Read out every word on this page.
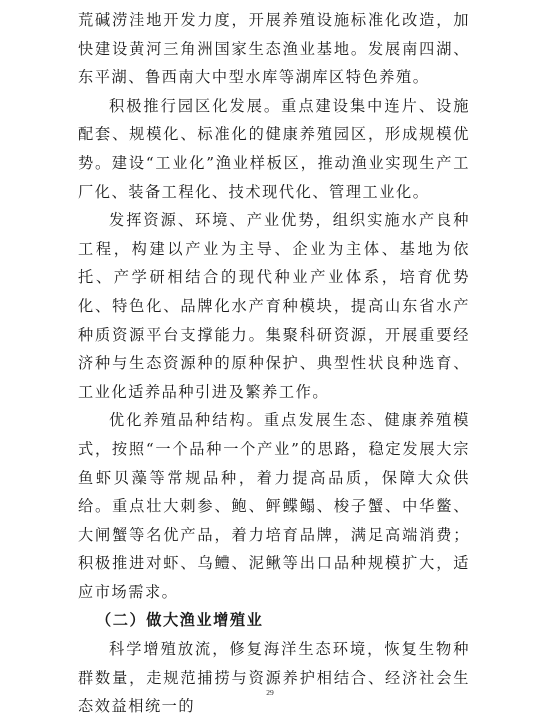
荒碱涝洼地开发力度，开展养殖设施标准化改造，加快建设黄河三角洲国家生态渔业基地。发展南四湖、东平湖、鲁西南大中型水库等湖库区特色养殖。

积极推行园区化发展。重点建设集中连片、设施配套、规模化、标准化的健康养殖园区，形成规模优势。建设“工业化”渔业样板区，推动渔业实现生产工厂化、装备工程化、技术现代化、管理工业化。

发挥资源、环境、产业优势，组织实施水产良种工程，构建以产业为主导、企业为主体、基地为依托、产学研相结合的现代种业产业体系，培育优势化、特色化、品牌化水产育种模块，提高山东省水产种质资源平台支撑能力。集聚科研资源，开展重要经济种与生态资源种的原种保护、典型性状良种选育、工业化适养品种引进及繁养工作。

优化养殖品种结构。重点发展生态、健康养殖模式，按照“一个品种一个产业”的思路，稳定发展大宗鱼虾贝藻等常规品种，着力提高品质，保障大众供给。重点壮大刺参、鲍、鲆鲽鳎、梭子蟹、中华鳖、大闸蟹等名优产品，着力培育品牌，满足高端消费；积极推进对虾、乌鳢、泥鳅等出口品种规模扩大，适应市场需求。

（二）做大渔业增殖业

科学增殖放流，修复海洋生态环境，恢复生物种群数量，走规范捕捞与资源养护相结合、经济社会生态效益相统一的

29
